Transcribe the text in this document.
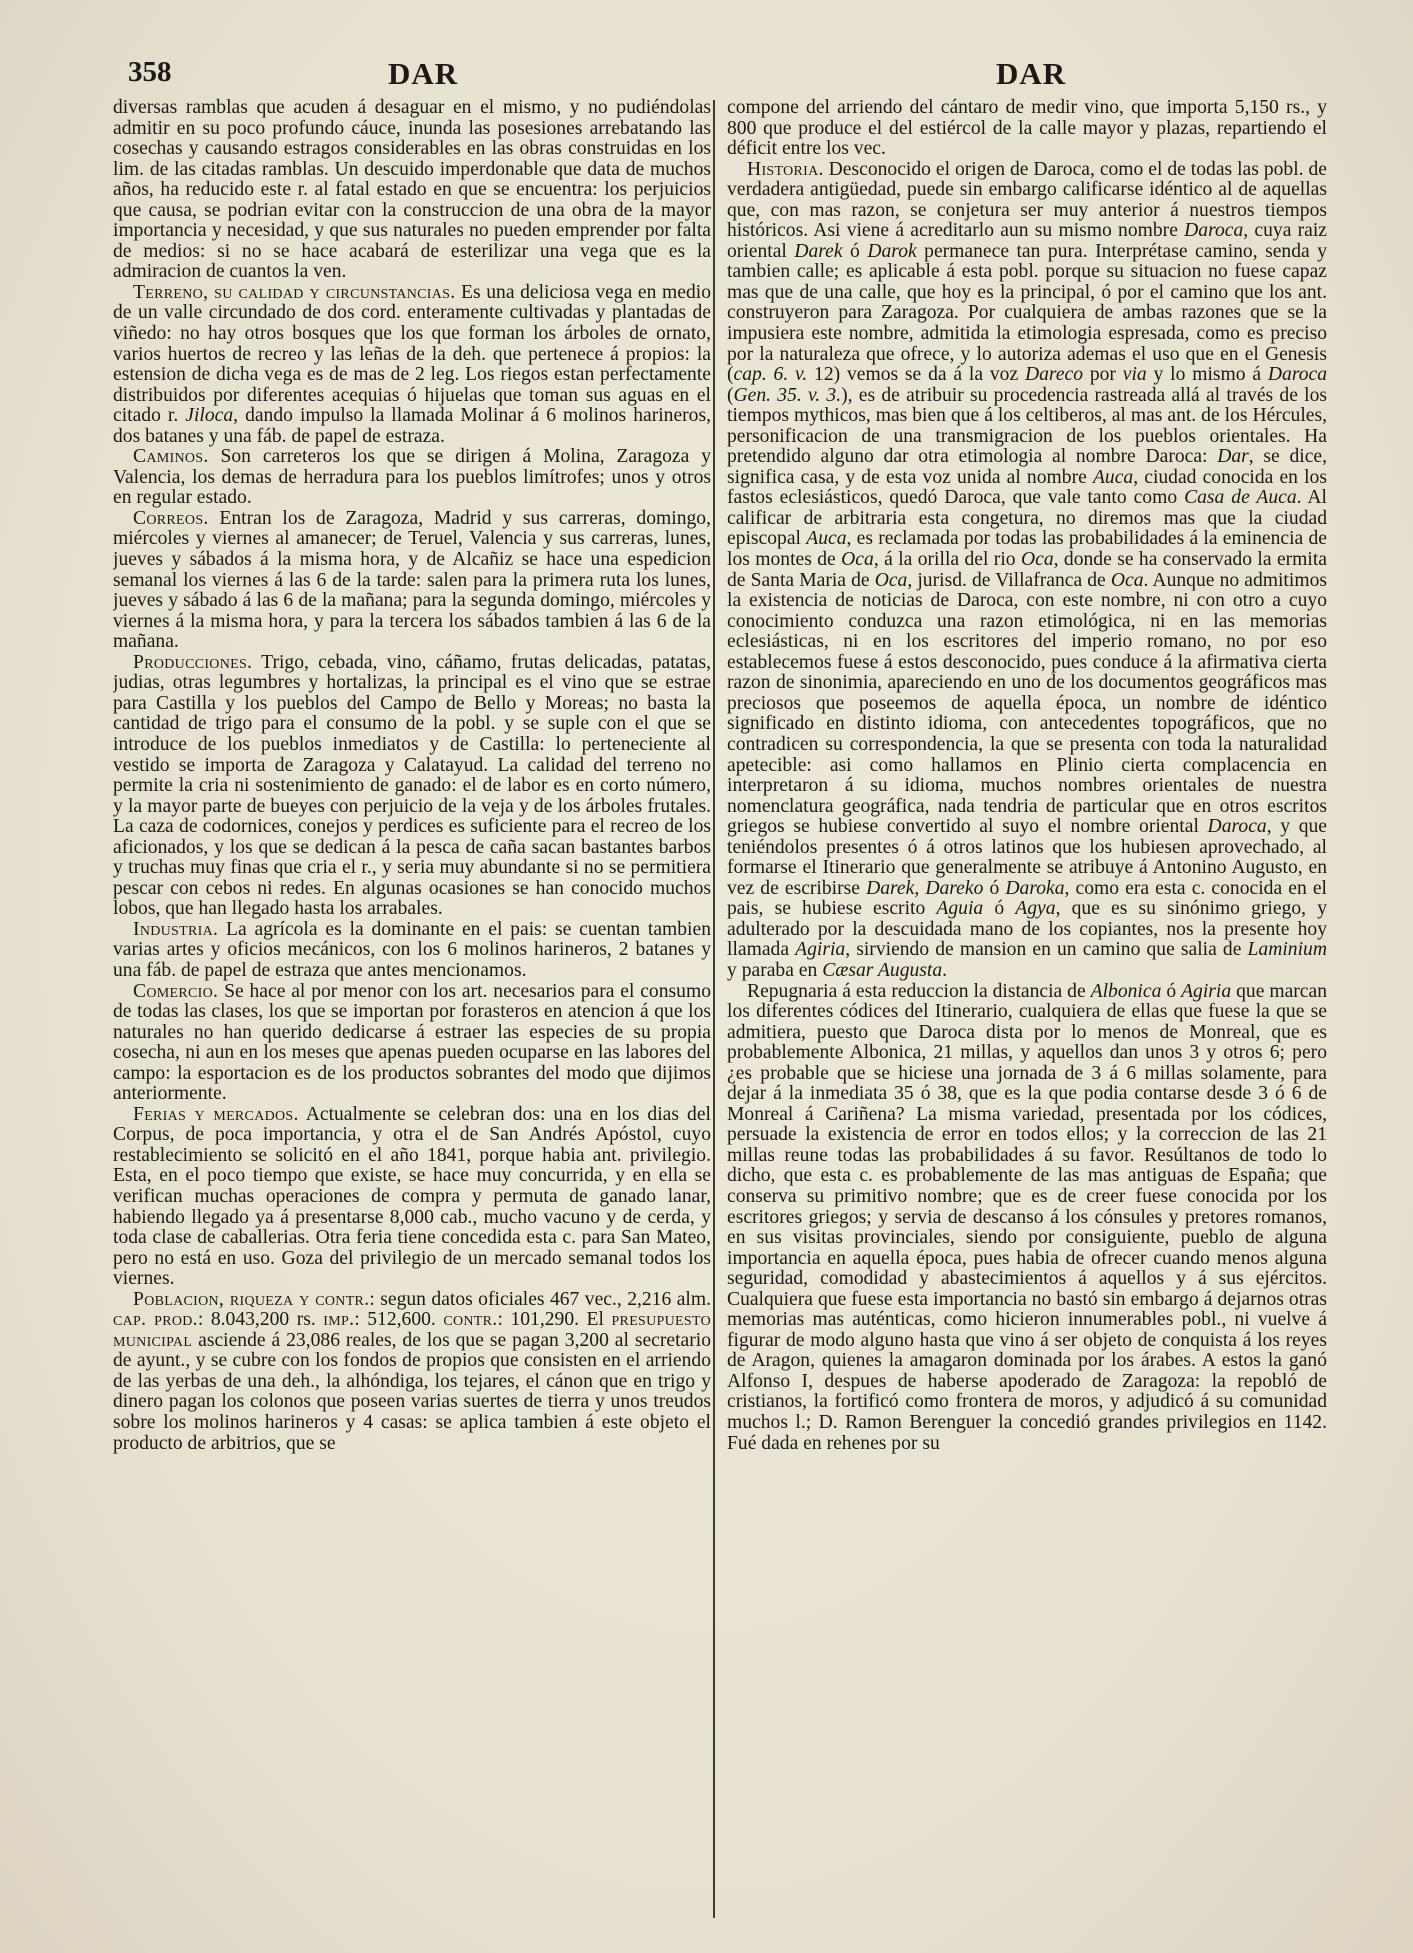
358	DAR	DAR

diversas ramblas que acuden á desaguar en el mismo, y no pudiéndolas admitir en su poco profundo cáuce, inunda las posesiones arrebatando las cosechas y causando estragos considerables en las obras construidas en los lim. de las citadas ramblas. Un descuido imperdonable que data de muchos años, ha reducido este r. al fatal estado en que se encuentra: los perjuicios que causa, se podrian evitar con la construccion de una obra de la mayor importancia y necesidad, y que sus naturales no pueden emprender por falta de medios: si no se hace acabará de esterilizar una vega que es la admiracion de cuantos la ven.

Terreno, su calidad y circunstancias. Es una deliciosa vega en medio de un valle circundado de dos cord. enteramente cultivadas y plantadas de viñedo: no hay otros bosques que los que forman los árboles de ornato, varios huertos de recreo y las leñas de la deh. que pertenece á propios: la estension de dicha vega es de mas de 2 leg. Los riegos estan perfectamente distribuidos por diferentes acequias ó hijuelas que toman sus aguas en el citado r. Jiloca, dando impulso la llamada Molinar á 6 molinos harineros, dos batanes y una fáb. de papel de estraza.

Caminos. Son carreteros los que se dirigen á Molina, Zaragoza y Valencia, los demas de herradura para los pueblos limítrofes; unos y otros en regular estado.

Correos. Entran los de Zaragoza, Madrid y sus carreras, domingo, miércoles y viernes al amanecer; de Teruel, Valencia y sus carreras, lunes, jueves y sábados á la misma hora, y de Alcañiz se hace una espedicion semanal los viernes á las 6 de la tarde: salen para la primera ruta los lunes, jueves y sábado á las 6 de la mañana; para la segunda domingo, miércoles y viernes á la misma hora, y para la tercera los sábados tambien á las 6 de la mañana.

Producciones. Trigo, cebada, vino, cáñamo, frutas delicadas, patatas, judias, otras legumbres y hortalizas, la principal es el vino que se estrae para Castilla y los pueblos del Campo de Bello y Moreas; no basta la cantidad de trigo para el consumo de la pobl. y se suple con el que se introduce de los pueblos inmediatos y de Castilla: lo perteneciente al vestido se importa de Zaragoza y Calatayud. La calidad del terreno no permite la cria ni sostenimiento de ganado: el de labor es en corto número, y la mayor parte de bueyes con perjuicio de la veja y de los árboles frutales. La caza de codornices, conejos y perdices es suficiente para el recreo de los aficionados, y los que se dedican á la pesca de caña sacan bastantes barbos y truchas muy finas que cria el r., y seria muy abundante si no se permitiera pescar con cebos ni redes. En algunas ocasiones se han conocido muchos lobos, que han llegado hasta los arrabales.

Industria. La agrícola es la dominante en el pais: se cuentan tambien varias artes y oficios mecánicos, con los 6 molinos harineros, 2 batanes y una fáb. de papel de estraza que antes mencionamos.

Comercio. Se hace al por menor con los art. necesarios para el consumo de todas las clases, los que se importan por forasteros en atencion á que los naturales no han querido dedicarse á estraer las especies de su propia cosecha, ni aun en los meses que apenas pueden ocuparse en las labores del campo: la esportacion es de los productos sobrantes del modo que dijimos anteriormente.

Ferias y mercados. Actualmente se celebran dos: una en los dias del Corpus, de poca importancia, y otra el de San Andrés Apóstol, cuyo restablecimiento se solicitó en el año 1841, porque habia ant. privilegio. Esta, en el poco tiempo que existe, se hace muy concurrida, y en ella se verifican muchas operaciones de compra y permuta de ganado lanar, habiendo llegado ya á presentarse 8,000 cab., mucho vacuno y de cerda, y toda clase de caballerias. Otra feria tiene concedida esta c. para San Mateo, pero no está en uso. Goza del privilegio de un mercado semanal todos los viernes.

Poblacion, riqueza y contr.: segun datos oficiales 467 vec., 2,216 alm. cap. prod.: 8.043,200 rs. imp.: 512,600. contr.: 101,290. El presupuesto municipal asciende á 23,086 reales, de los que se pagan 3,200 al secretario de ayunt., y se cubre con los fondos de propios que consisten en el arriendo de las yerbas de una deh., la alhóndiga, los tejares, el cánon que en trigo y dinero pagan los colonos que poseen varias suertes de tierra y unos treudos sobre los molinos harineros y 4 casas: se aplica tambien á este objeto el producto de arbitrios, que se

compone del arriendo del cántaro de medir vino, que importa 5,150 rs., y 800 que produce el del estiércol de la calle mayor y plazas, repartiendo el déficit entre los vec.

Historia. Desconocido el origen de Daroca, como el de todas las pobl. de verdadera antigüedad, puede sin embargo calificarse idéntico al de aquellas que, con mas razon, se conjetura ser muy anterior á nuestros tiempos históricos. Asi viene á acreditarlo aun su mismo nombre Daroca, cuya raiz oriental Darek ó Darok permanece tan pura. Interprétase camino, senda y tambien calle; es aplicable á esta pobl. porque su situacion no fuese capaz mas que de una calle, que hoy es la principal, ó por el camino que los ant. construyeron para Zaragoza. Por cualquiera de ambas razones que se la impusiera este nombre, admitida la etimologia espresada, como es preciso por la naturaleza que ofrece, y lo autoriza ademas el uso que en el Genesis (cap. 6. v. 12) vemos se da á la voz Dareco por via y lo mismo á Daroca (Gen. 35. v. 3.), es de atribuir su procedencia rastreada allá al través de los tiempos mythicos, mas bien que á los celtiberos, al mas ant. de los Hércules, personificacion de una transmigracion de los pueblos orientales. Ha pretendido alguno dar otra etimologia al nombre Daroca: Dar, se dice, significa casa, y de esta voz unida al nombre Auca, ciudad conocida en los fastos eclesiásticos, quedó Daroca, que vale tanto como Casa de Auca. Al calificar de arbitraria esta congetura, no diremos mas que la ciudad episcopal Auca, es reclamada por todas las probabilidades á la eminencia de los montes de Oca, á la orilla del rio Oca, donde se ha conservado la ermita de Santa Maria de Oca, jurisd. de Villafranca de Oca. Aunque no admitimos la existencia de noticias de Daroca, con este nombre, ni con otro a cuyo conocimiento conduzca una razon etimológica, ni en las memorias eclesiásticas, ni en los escritores del imperio romano, no por eso establecemos fuese á estos desconocido, pues conduce á la afirmativa cierta razon de sinonimia, apareciendo en uno de los documentos geográficos mas preciosos que poseemos de aquella época, un nombre de idéntico significado en distinto idioma, con antecedentes topográficos, que no contradicen su correspondencia, la que se presenta con toda la naturalidad apetecible: asi como hallamos en Plinio cierta complacencia en interpretaron á su idioma, muchos nombres orientales de nuestra nomenclatura geográfica, nada tendria de particular que en otros escritos griegos se hubiese convertido al suyo el nombre oriental Daroca, y que teniéndolos presentes ó á otros latinos que los hubiesen aprovechado, al formarse el Itinerario que generalmente se atribuye á Antonino Augusto, en vez de escribirse Darek, Dareko ó Daroka, como era esta c. conocida en el pais, se hubiese escrito Aguia ó Agya, que es su sinónimo griego, y adulterado por la descuidada mano de los copiantes, nos la presente hoy llamada Agiria, sirviendo de mansion en un camino que salia de Laminium y paraba en Cæsar Augusta.

Repugnaria á esta reduccion la distancia de Albonica ó Agiria que marcan los diferentes códices del Itinerario, cualquiera de ellas que fuese la que se admitiera, puesto que Daroca dista por lo menos de Monreal, que es probablemente Albonica, 21 millas, y aquellos dan unos 3 y otros 6; pero ¿es probable que se hiciese una jornada de 3 á 6 millas solamente, para dejar á la inmediata 35 ó 38, que es la que podia contarse desde 3 ó 6 de Monreal á Cariñena? La misma variedad, presentada por los códices, persuade la existencia de error en todos ellos; y la correccion de las 21 millas reune todas las probabilidades á su favor. Resúltanos de todo lo dicho, que esta c. es probablemente de las mas antiguas de España; que conserva su primitivo nombre; que es de creer fuese conocida por los escritores griegos; y servia de descanso á los cónsules y pretores romanos, en sus visitas provinciales, siendo por consiguiente, pueblo de alguna importancia en aquella época, pues habia de ofrecer cuando menos alguna seguridad, comodidad y abastecimientos á aquellos y á sus ejércitos. Cualquiera que fuese esta importancia no bastó sin embargo á dejarnos otras memorias mas auténticas, como hicieron innumerables pobl., ni vuelve á figurar de modo alguno hasta que vino á ser objeto de conquista á los reyes de Aragon, quienes la amagaron dominada por los árabes. A estos la ganó Alfonso I, despues de haberse apoderado de Zaragoza: la repobló de cristianos, la fortificó como frontera de moros, y adjudicó á su comunidad muchos l.; D. Ramon Berenguer la concedió grandes privilegios en 1142. Fué dada en rehenes por su
